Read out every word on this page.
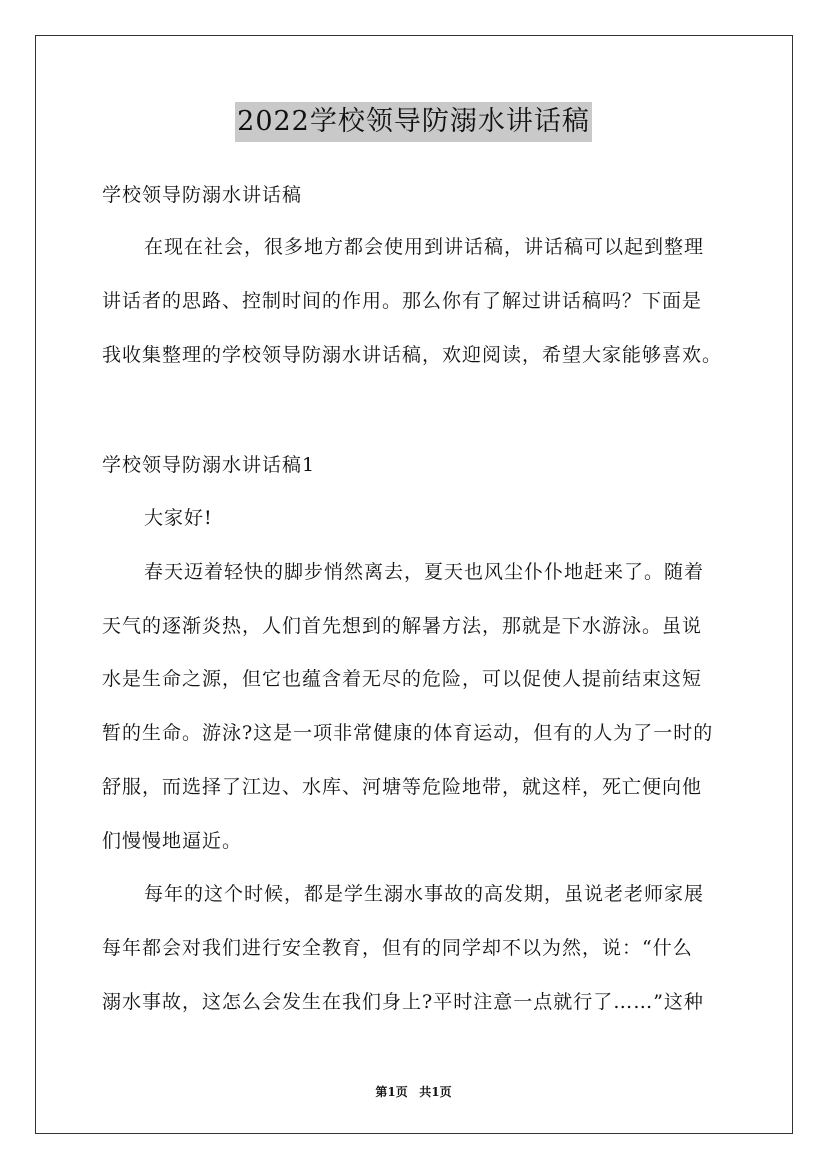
2022学校领导防溺水讲话稿
学校领导防溺水讲话稿
在现在社会，很多地方都会使用到讲话稿，讲话稿可以起到整理
讲话者的思路、控制时间的作用。那么你有了解过讲话稿吗？下面是
我收集整理的学校领导防溺水讲话稿，欢迎阅读，希望大家能够喜欢。
学校领导防溺水讲话稿1
大家好!
春天迈着轻快的脚步悄然离去，夏天也风尘仆仆地赶来了。随着
天气的逐渐炎热，人们首先想到的解暑方法，那就是下水游泳。虽说
水是生命之源，但它也蕴含着无尽的危险，可以促使人提前结束这短
暂的生命。游泳?这是一项非常健康的体育运动，但有的人为了一时的
舒服，而选择了江边、水库、河塘等危险地带，就这样，死亡便向他
们慢慢地逼近。
每年的这个时候，都是学生溺水事故的高发期，虽说老老师家展
每年都会对我们进行安全教育，但有的同学却不以为然，说：“什么
溺水事故，这怎么会发生在我们身上?平时注意一点就行了……”这种
第1页 共1页
